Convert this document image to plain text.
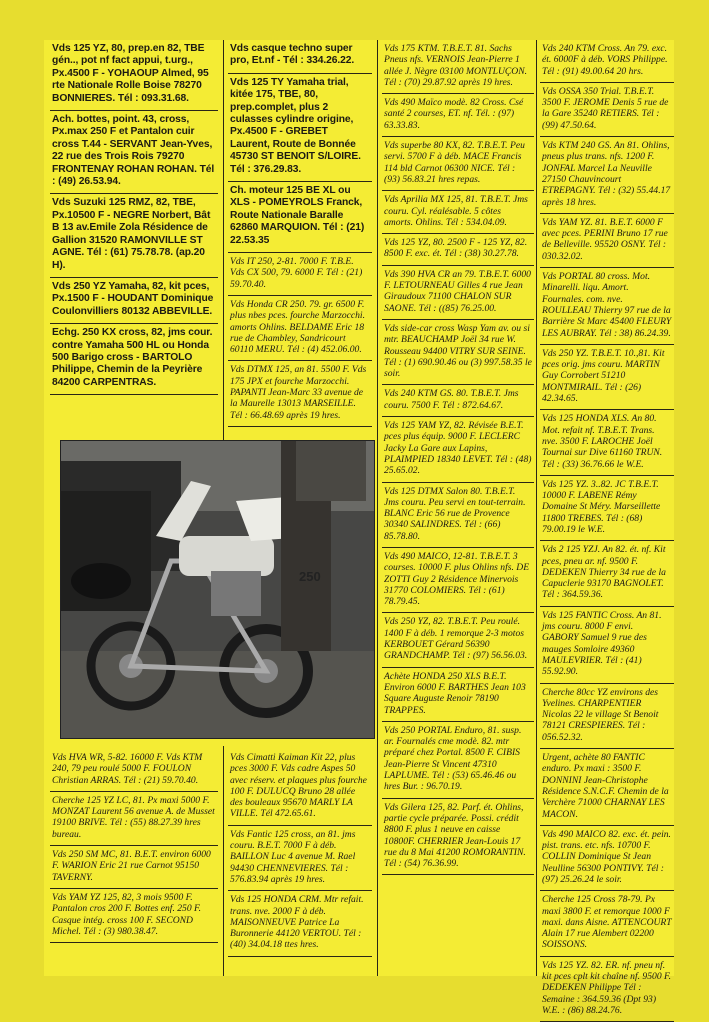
Vds 125 YZ, 80, prep.en 82, TBE gén.., pot nf fact appui, t.urg., Px.4500 F - YOHAOUP Almed, 95 rte Nationale Rolle Boise 78270 BONNIERES. Tél : 093.31.68.
Ach. bottes, point. 43, cross, Px.max 250 F et Pantalon cuir cross T.44 - SERVANT Jean-Yves, 22 rue des Trois Rois 79270 FRONTENAY ROHAN ROHAN. Tél : (49) 26.53.94.
Vds Suzuki 125 RMZ, 82, TBE, Px.10500 F - NEGRE Norbert, Bât B 13 av.Emile Zola Résidence de Gallion 31520 RAMONVILLE ST AGNE. Tél : (61) 75.78.78. (ap.20 H).
Vds 250 YZ Yamaha, 82, kit pces, Px.1500 F - HOUDANT Dominique Coulonvilliers 80132 ABBEVILLE.
Echg. 250 KX cross, 82, jms cour. contre Yamaha 500 HL ou Honda 500 Barigo cross - BARTOLO Philippe, Chemin de la Peyrière 84200 CARPENTRAS.
Vds casque techno super pro, Et.nf - Tél : 334.26.22.
Vds 125 TY Yamaha trial, kitée 175, TBE, 80, prep.complet, plus 2 culasses cylindre origine, Px.4500 F - GREBET Laurent, Route de Bonnée 45730 ST BENOIT S/LOIRE. Tél : 376.29.83.
Ch. moteur 125 BE XL ou XLS - POMEYROLS Franck, Route Nationale Baralle 62860 MARQUION. Tél : (21) 22.53.35
Vds IT 250, 2-81. 7000 F. T.B.E. Vds CX 500, 79. 6000 F. Tél : (21) 59.70.40.
Vds Honda CR 250. 79. gr. 6500 F. plus nbes pces. fourche Marzocchi. amorts Ohlins. BELDAME Eric 18 rue de Chambley, Sandricourt 60110 MERU. Tél : (4) 452.06.00.
Vds DTMX 125, an 81. 5500 F. Vds 175 JPX et fourche Marzocchi. PAPANTI Jean-Marc 33 avenue de la Maurelle 13013 MARSEILLE. Tél : 66.48.69 après 19 hres.
Vds 175 KTM. T.B.E.T. 81. Sachs Pneus nfs. VERNOIS Jean-Pierre 1 allée J. Nègre 03100 MONTLUÇON. Tél : (70) 29.87.92 après 19 hres.
Vds 490 Maïco modè. 82 Cross. Csé santé 2 courses, ET. nf. Tél. : (97) 63.33.83.
Vds superbe 80 KX, 82. T.B.E.T. Peu servi. 5700 F à déb. MACE Francis 114 bld Carnot 06300 NICE. Tél : (93) 56.83.21 hres repas.
Vds Aprilia MX 125, 81. T.B.E.T. Jms couru. Cyl. réalésable. 5 côtes amorts. Ohlins. Tél : 534.04.09.
Vds 125 YZ, 80. 2500 F - 125 YZ, 82. 8500 F. exc. ét. Tél : (38) 30.27.78.
Vds 390 HVA CR an 79. T.B.E.T. 6000 F. LETOURNEAU Gilles 4 rue Jean Giraudoux 71100 CHALON SUR SAONE. Tél : ((85) 76.25.00.
Vds side-car cross Wasp Yam av. ou si mtr. BEAUCHAMP Joël 34 rue W. Rousseau 94400 VITRY SUR SEINE. Tél : (1) 690.90.46 ou (3) 997.58.35 le soir.
Vds 240 KTM GS. 80. T.B.E.T. Jms couru. 7500 F. Tél : 872.64.67.
Vds 125 YAM YZ, 82. Révisée B.E.T. pces plus équip. 9000 F. LECLERC Jacky La Gare aux Lapins, PLAIMPIED 18340 LEVET. Tél : (48) 25.65.02.
Vds 125 DTMX Salon 80. T.B.E.T. Jms couru. Peu servi en tout-terrain. BLANC Eric 56 rue de Provence 30340 SALINDRES. Tél : (66) 85.78.80.
Vds 490 MAICO, 12-81. T.B.E.T. 3 courses. 10000 F. plus Ohlins nfs. DE ZOTTI Guy 2 Résidence Minervois 31770 COLOMIERS. Tél : (61) 78.79.45.
Vds 250 YZ, 82. T.B.E.T. Peu roulé. 1400 F à déb. 1 remorque 2-3 motos KERBOUET Gérard 56390 GRANDCHAMP. Tél : (97) 56.56.03.
Achète HONDA 250 XLS B.E.T. Environ 6000 F. BARTHES Jean 103 Square Auguste Renoir 78190 TRAPPES.
Vds 250 PORTAL Enduro, 81. susp. ar. Fournalés cme modè. 82. mtr préparé chez Portal. 8500 F. CIBIS Jean-Pierre St Vincent 47310 LAPLUME. Tél : (53) 65.46.46 ou hres Bur. : 96.70.19.
Vds Gilera 125, 82. Parf. ét. Ohlins, partie cycle préparée. Possi. crédit 8800 F. plus 1 neuve en caisse 10800F. CHERRIER Jean-Louis 17 rue du 8 Mai 41200 ROMORANTIN. Tél : (54) 76.36.99.
Vds 240 KTM Cross. An 79. exc. ét. 6000F à déb. VORS Philippe. Tél : (91) 49.00.64 20 hrs.
Vds OSSA 350 Trial. T.B.E.T. 3500 F. JEROME Denis 5 rue de la Gare 35240 RETIERS. Tél : (99) 47.50.64.
Vds KTM 240 GS. An 81. Ohlins, pneus plus trans. nfs. 1200 F. JONFAL Marcel La Neuville 27150 Chauvincourt ETREPAGNY. Tél : (32) 55.44.17 après 18 hres.
Vds YAM YZ. 81. B.E.T. 6000 F avec pces. PERINI Bruno 17 rue de Belleville. 95520 OSNY. Tél : 030.32.02.
Vds PORTAL 80 cross. Mot. Minarelli. liqu. Amort. Fournales. com. nve. ROULLEAU Thierry 97 rue de la Barrière St Marc 45400 FLEURY LES AUBRAY. Tél : 38) 86.24.39.
Vds 250 YZ. T.B.E.T. 10.,81. Kit pces orig. jms couru. MARTIN Guy Corrobert 51210 MONTMIRAIL. Tél : (26) 42.34.65.
Vds 125 HONDA XLS. An 80. Mot. refait nf. T.B.E.T. Trans. nve. 3500 F. LAROCHE Joël Tournai sur Dive 61160 TRUN. Tél : (33) 36.76.66 le W.E.
Vds 125 YZ. 3..82. JC T.B.E.T. 10000 F. LABENE Rémy Domaine St Méry. Marseillette 11800 TREBES. Tél : (68) 79.00.19 le W.E.
Vds 2 125 YZJ. An 82. ét. nf. Kit pces, pneu ar. nf. 9500 F. DEDEKEN Thierry 34 rue de la Capuclerie 93170 BAGNOLET. Tél : 364.59.36.
Vds 125 FANTIC Cross. An 81. jms couru. 8000 F envi. GABORY Samuel 9 rue des mauges Somloire 49360 MAULEVRIER. Tél : (41) 55.92.90.
Cherche 80cc YZ environs des Yvelines. CHARPENTIER Nicolas 22 le village St Benoit 78121 CRESPIERES. Tél : 056.52.32.
Urgent, achète 80 FANTIC enduro. Px maxi : 3500 F. DONNINI Jean-Christophe Résidence S.N.C.F. Chemin de la Verchère 71000 CHARNAY LES MACON.
Vds 490 MAICO 82. exc. ét. pein. pist. trans. etc. nfs. 10700 F. COLLIN Dominique St Jean Neulline 56300 PONTIVY. Tél : (97) 25.26.24 le soir.
Cherche 125 Cross 78-79. Px maxi 3800 F. et remorque 1000 F maxi. dans Aisne. ATTENCOURT Alain 17 rue Alembert 02200 SOISSONS.
Vds 125 YZ. 82. ER. nf. pneu nf. kit pces cplt kit chaîne nf. 9500 F. DEDEKEN Philippe Tél : Semaine : 364.59.36 (Dpt 93) W.E. : (86) 88.24.76.
250
Vds HVA WR, 5-82. 16000 F. Vds KTM 240, 79 peu roulé 5000 F. FOULON Christian ARRAS. Tél : (21) 59.70.40.
Cherche 125 YZ LC, 81. Px maxi 5000 F. MONZAT Laurent 56 avenue A. de Musset 19100 BRIVE. Tél : (55) 88.27.39 hres bureau.
Vds 250 SM MC, 81. B.E.T. environ 6000 F. WARION Eric 21 rue Carnot 95150 TAVERNY.
Vds YAM YZ 125, 82, 3 mois 9500 F. Pantalon cros 200 F. Bottes enf. 250 F. Casque intég. cross 100 F. SECOND Michel. Tél : (3) 980.38.47.
Vds Cimatti Kaiman Kit 22, plus pces 3000 F. Vds cadre Aspes 50 avec réserv. et plaques plus fourche 100 F. DULUCQ Bruno 28 allée des bouleaux 95670 MARLY LA VILLE. Tél 472.65.61.
Vds Fantic 125 cross, an 81. jms couru. B.E.T. 7000 F à déb. BAILLON Luc 4 avenue M. Rael 94430 CHENNEVIERES. Tél : 576.83.94 après 19 hres.
Vds 125 HONDA CRM. Mtr refait. trans. nve. 2000 F à déb. MAISONNEUVE Patrice La Buronnerie 44120 VERTOU. Tél : (40) 34.04.18 ttes hres.
